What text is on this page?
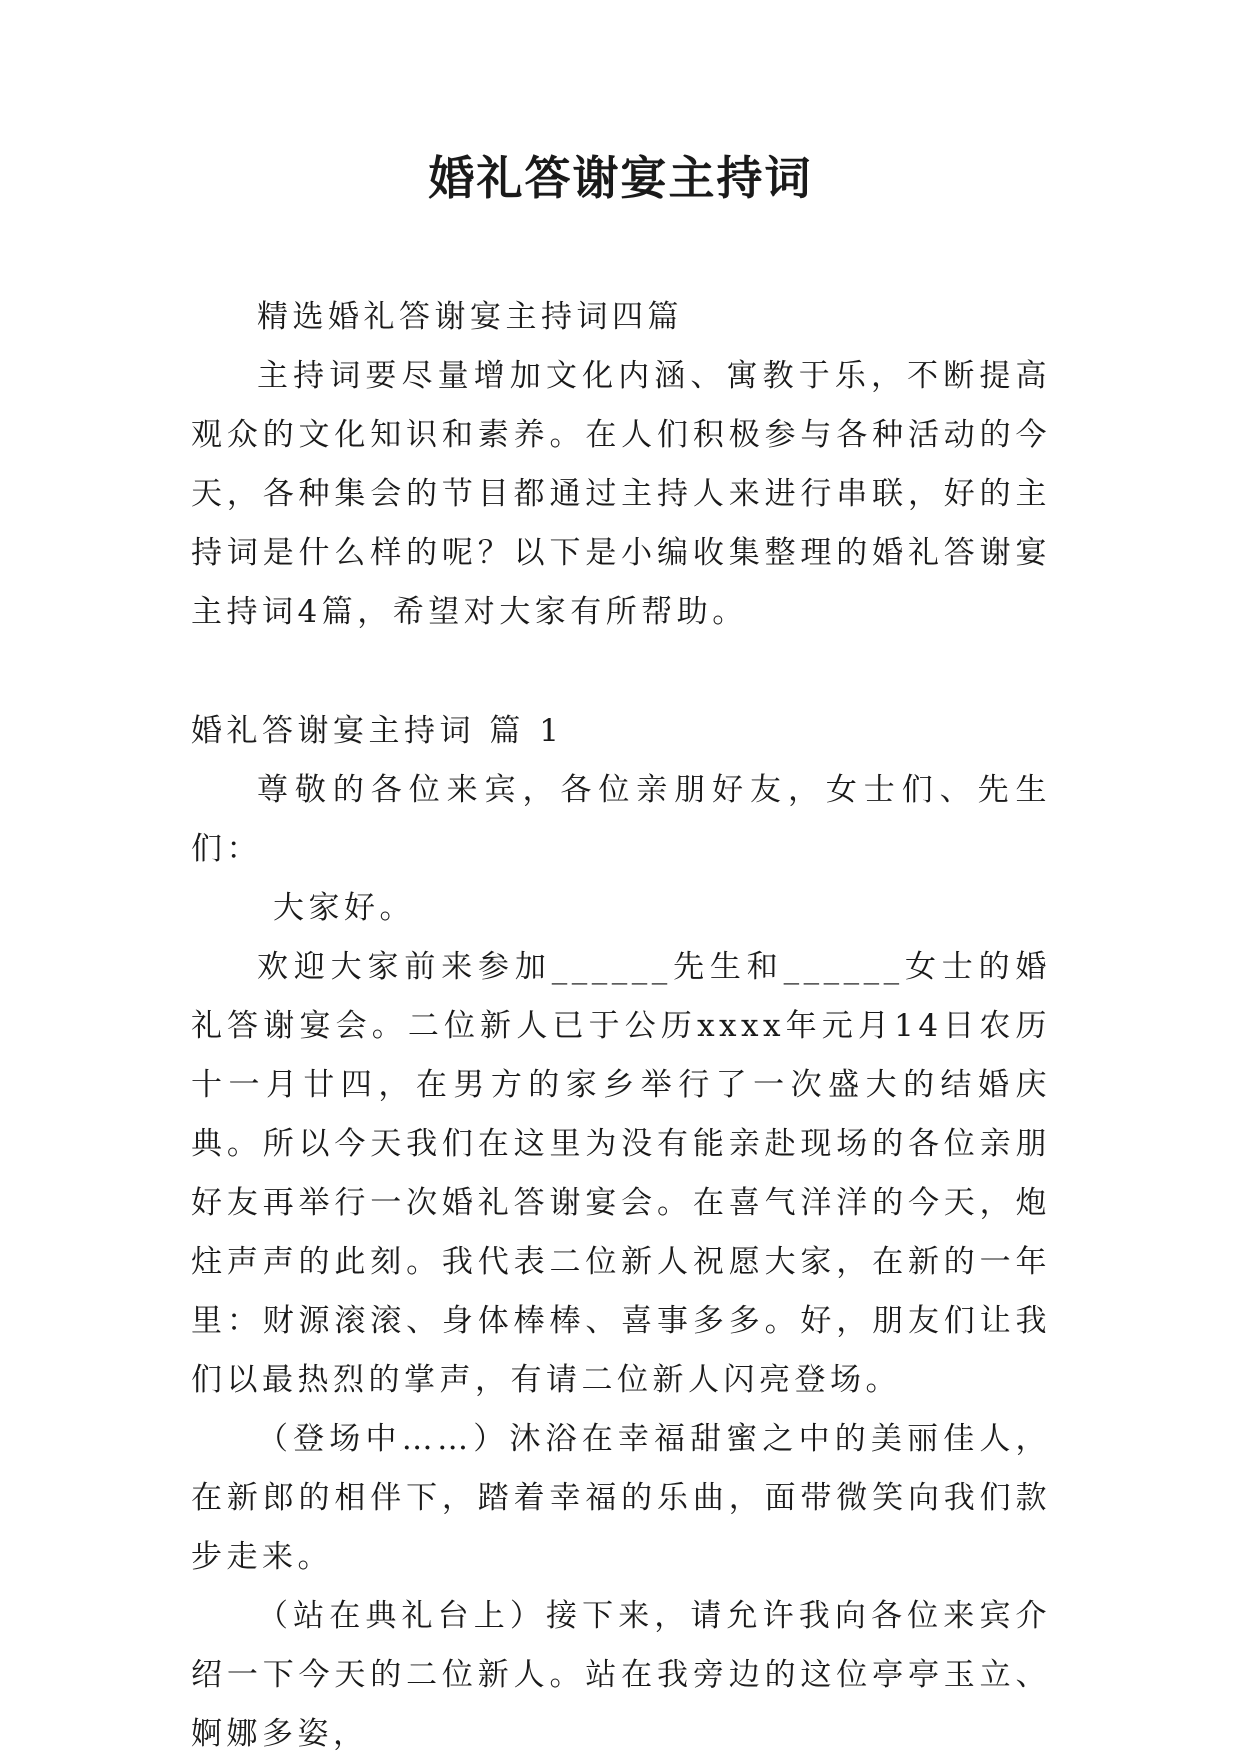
婚礼答谢宴主持词

精选婚礼答谢宴主持词四篇

主持词要尽量增加文化内涵、寓教于乐，不断提高观众的文化知识和素养。在人们积极参与各种活动的今天，各种集会的节目都通过主持人来进行串联，好的主持词是什么样的呢？以下是小编收集整理的婚礼答谢宴主持词4篇，希望对大家有所帮助。

婚礼答谢宴主持词 篇 1

尊敬的各位来宾，各位亲朋好友，女士们、先生们：

大家好。

欢迎大家前来参加______先生和______女士的婚礼答谢宴会。二位新人已于公历xxxx年元月14日农历十一月廿四，在男方的家乡举行了一次盛大的结婚庆典。所以今天我们在这里为没有能亲赴现场的各位亲朋好友再举行一次婚礼答谢宴会。在喜气洋洋的今天，炮炷声声的此刻。我代表二位新人祝愿大家，在新的一年里：财源滚滚、身体棒棒、喜事多多。好，朋友们让我们以最热烈的掌声，有请二位新人闪亮登场。

（登场中……）沐浴在幸福甜蜜之中的美丽佳人，在新郎的相伴下，踏着幸福的乐曲，面带微笑向我们款步走来。

（站在典礼台上）接下来，请允许我向各位来宾介绍一下今天的二位新人。站在我旁边的这位亭亭玉立、婀娜多姿，
